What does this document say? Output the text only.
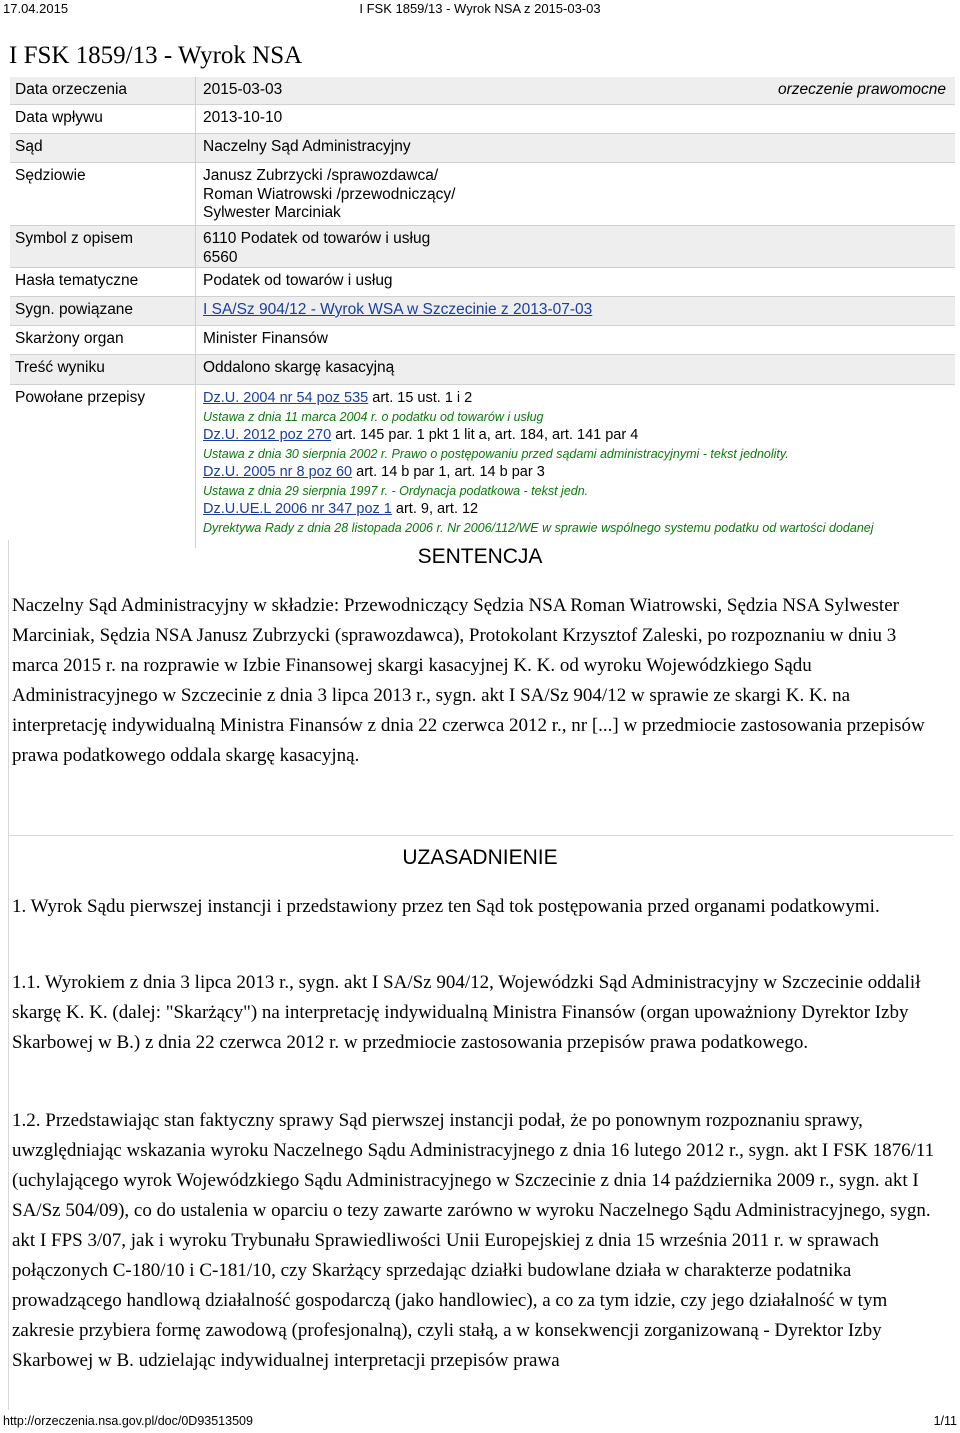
17.04.2015	I FSK 1859/13 - Wyrok NSA z 2015-03-03
I FSK 1859/13 - Wyrok NSA
Data orzeczenia	2015-03-03	orzeczenie prawomocne
Data wpływu	2013-10-10
Sąd	Naczelny Sąd Administracyjny
Sędziowie	Janusz Zubrzycki /sprawozdawca/
Roman Wiatrowski /przewodniczący/
Sylwester Marciniak
Symbol z opisem	6110 Podatek od towarów i usług
6560
Hasła tematyczne	Podatek od towarów i usług
Sygn. powiązane	I SA/Sz 904/12 - Wyrok WSA w Szczecinie z 2013-07-03
Skarżony organ	Minister Finansów
Treść wyniku	Oddalono skargę kasacyjną
Powołane przepisy	Dz.U. 2004 nr 54 poz 535 art. 15 ust. 1 i 2
Ustawa z dnia 11 marca 2004 r. o podatku od towarów i usług
Dz.U. 2012 poz 270 art. 145 par. 1 pkt 1 lit a, art. 184, art. 141 par 4
Ustawa z dnia 30 sierpnia 2002 r. Prawo o postępowaniu przed sądami administracyjnymi - tekst jednolity.
Dz.U. 2005 nr 8 poz 60 art. 14 b par 1, art. 14 b par 3
Ustawa z dnia 29 sierpnia 1997 r. - Ordynacja podatkowa - tekst jedn.
Dz.U.UE.L 2006 nr 347 poz 1 art. 9, art. 12
Dyrektywa Rady z dnia 28 listopada 2006 r. Nr 2006/112/WE w sprawie wspólnego systemu podatku od wartości dodanej
SENTENCJA

Naczelny Sąd Administracyjny w składzie: Przewodniczący Sędzia NSA Roman Wiatrowski, Sędzia NSA Sylwester Marciniak, Sędzia NSA Janusz Zubrzycki (sprawozdawca), Protokolant Krzysztof Zaleski, po rozpoznaniu w dniu 3 marca 2015 r. na rozprawie w Izbie Finansowej skargi kasacyjnej K. K. od wyroku Wojewódzkiego Sądu Administracyjnego w Szczecinie z dnia 3 lipca 2013 r., sygn. akt I SA/Sz 904/12 w sprawie ze skargi K. K. na interpretację indywidualną Ministra Finansów z dnia 22 czerwca 2012 r., nr [...] w przedmiocie zastosowania przepisów prawa podatkowego oddala skargę kasacyjną.

UZASADNIENIE

1. Wyrok Sądu pierwszej instancji i przedstawiony przez ten Sąd tok postępowania przed organami podatkowymi.

1.1. Wyrokiem z dnia 3 lipca 2013 r., sygn. akt I SA/Sz 904/12, Wojewódzki Sąd Administracyjny w Szczecinie oddalił skargę K. K. (dalej: "Skarżący") na interpretację indywidualną Ministra Finansów (organ upoważniony Dyrektor Izby Skarbowej w B.) z dnia 22 czerwca 2012 r. w przedmiocie zastosowania przepisów prawa podatkowego.

1.2. Przedstawiając stan faktyczny sprawy Sąd pierwszej instancji podał, że po ponownym rozpoznaniu sprawy, uwzględniając wskazania wyroku Naczelnego Sądu Administracyjnego z dnia 16 lutego 2012 r., sygn. akt I FSK 1876/11 (uchylającego wyrok Wojewódzkiego Sądu Administracyjnego w Szczecinie z dnia 14 października 2009 r., sygn. akt I SA/Sz 504/09), co do ustalenia w oparciu o tezy zawarte zarówno w wyroku Naczelnego Sądu Administracyjnego, sygn. akt I FPS 3/07, jak i wyroku Trybunału Sprawiedliwości Unii Europejskiej z dnia 15 września 2011 r. w sprawach połączonych C-180/10 i C-181/10, czy Skarżący sprzedając działki budowlane działa w charakterze podatnika prowadzącego handlową działalność gospodarczą (jako handlowiec), a co za tym idzie, czy jego działalność w tym zakresie przybiera formę zawodową (profesjonalną), czyli stałą, a w konsekwencji zorganizowaną - Dyrektor Izby Skarbowej w B. udzielając indywidualnej interpretacji przepisów prawa

http://orzeczenia.nsa.gov.pl/doc/0D93513509	1/11
